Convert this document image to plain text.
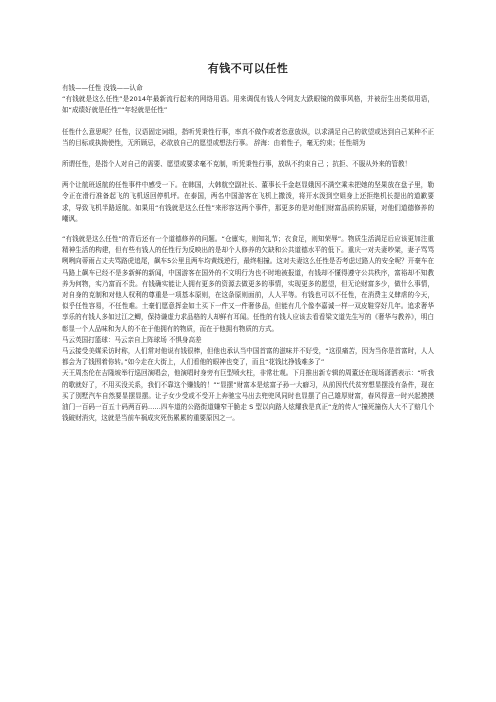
有钱不可以任性

有钱——任性 没钱——认命

“有钱就是这么任性”是2014年最新流行起来的网络用语。用来调侃有钱人令网友大跌眼镜的做事风格，并被衍生出类似用语，如“成绩好就是任性”“年轻就是任性”

任性什么意思呢？任性，汉语固定词组，指听凭秉性行事，率真不做作或者恣意放纵，以求满足自己的欲望或达到自己某种不正当的目标或执拗使性，无所顾忌，必欲放自己的愿望或想法行事。 辞海：由着性子，毫无约束；任性胡为

所谓任性，是指个人对自己的需要、愿望或要求毫不克制，听凭秉性行事，放纵不约束自己 ；抗拒、不服从外来的管教！

两个让航班返航的任性事件中感受一下。在韩国，大韩航空副社长、董事长千金赵显娥因不满空乘未把她的坚果放在盘子里，勒令正在滑行准备起飞的飞机返回停机坪。在泰国，两名中国游客在飞机上撒泼，将开水泼到空姐身上还拒绝机长提出的道歉要求，导致飞机半路返航。如果用“有钱就是这么任性”来形容这两个事件，那更多的是对他们财富品质的质疑，对他们道德修养的嘲讽。

“有钱就是这么任性”的背后还有一个道德修养的问题。“仓廪实，则知礼节；衣食足，则知荣辱”。物质生活满足后应该更加注重精神生活的构建，但有些有钱人的任性行为反映出的是却个人修养的欠缺和公共道德水平的低下。重庆一对夫妻吵架，妻子骂骂咧咧向蒂雨占丈夫骂路虎追尾，飙车5公里且两车均黄线逆行，最终相撞。这对夫妻这么任性是否考虑过路人的安全呢？开豪车在马路上飙车已经不是多新鲜的新闻，中国游客在国外的不文明行为也不时地被报道，有钱却不懂得遵守公共秩序，富裕却不知教养为何物，实乃富而不贵。有钱确实能让人拥有更多的资源去做更多的事情，实现更多的愿望，但无论财富多少，做什么事情，对自身的克制和对他人权利的尊重是一项基本原则，在这条原则面前，人人平等。有钱也可以不任性，在消费主义肆虐的今天，似乎任性容易，不任性难。土豪们愿意挥金如土买下一件又一件奢侈品，但能有几个像李嘉诚一样一双皮鞋穿好几年。追求奢华享乐的有钱人多如过江之鲫，保持谦虚力求品格的人却鲜有耳闻。任性的有钱人应该去看看梁文道先生写的《奢华与教养》，明白彰显一个人品味和为人的不在于他拥有的物质，而在于他拥有物质的方式。

马云英国打篮球：马云亲自上阵球场 不惧身高差

马云接受美媒采访时称，人们常对他说有钱很棒，但他也承认当中国首富的滋味并不好受，“这很痛苦，因为当你是首富时，人人都会为了钱围着你转。”如今走在大街上，人们看他的眼神也变了，而且“花钱比挣钱难多了”

天王周杰伦在吉隆坡举行巡回演唱会，他演唱时身旁有巨型喷火柱，非常壮观。下月推出新专辑的周董还在现场潇洒表示：“听我的歌就好了，不用买没关系，我们不靠这个赚钱的！”“显摆”财富本是炫富子孙一大癖习，从前因代代贫穷想显摆没有条件，现在买了别墅汽车自然要显摆显摆。让子女少受或不受开上奔驰宝马出去兜兜风同时也显摆了自己雄厚财富，春风得意一时兴起摸摸油门一百码一百五十码两百码……四车道的公路街道嫌窄干脆走 S 型以向路人炫耀我是真正“龙的传人”撞死撞伤人大不了赔几个钱破财消灾，这就是当前车祸成灾死伤累累的重要原因之一。
